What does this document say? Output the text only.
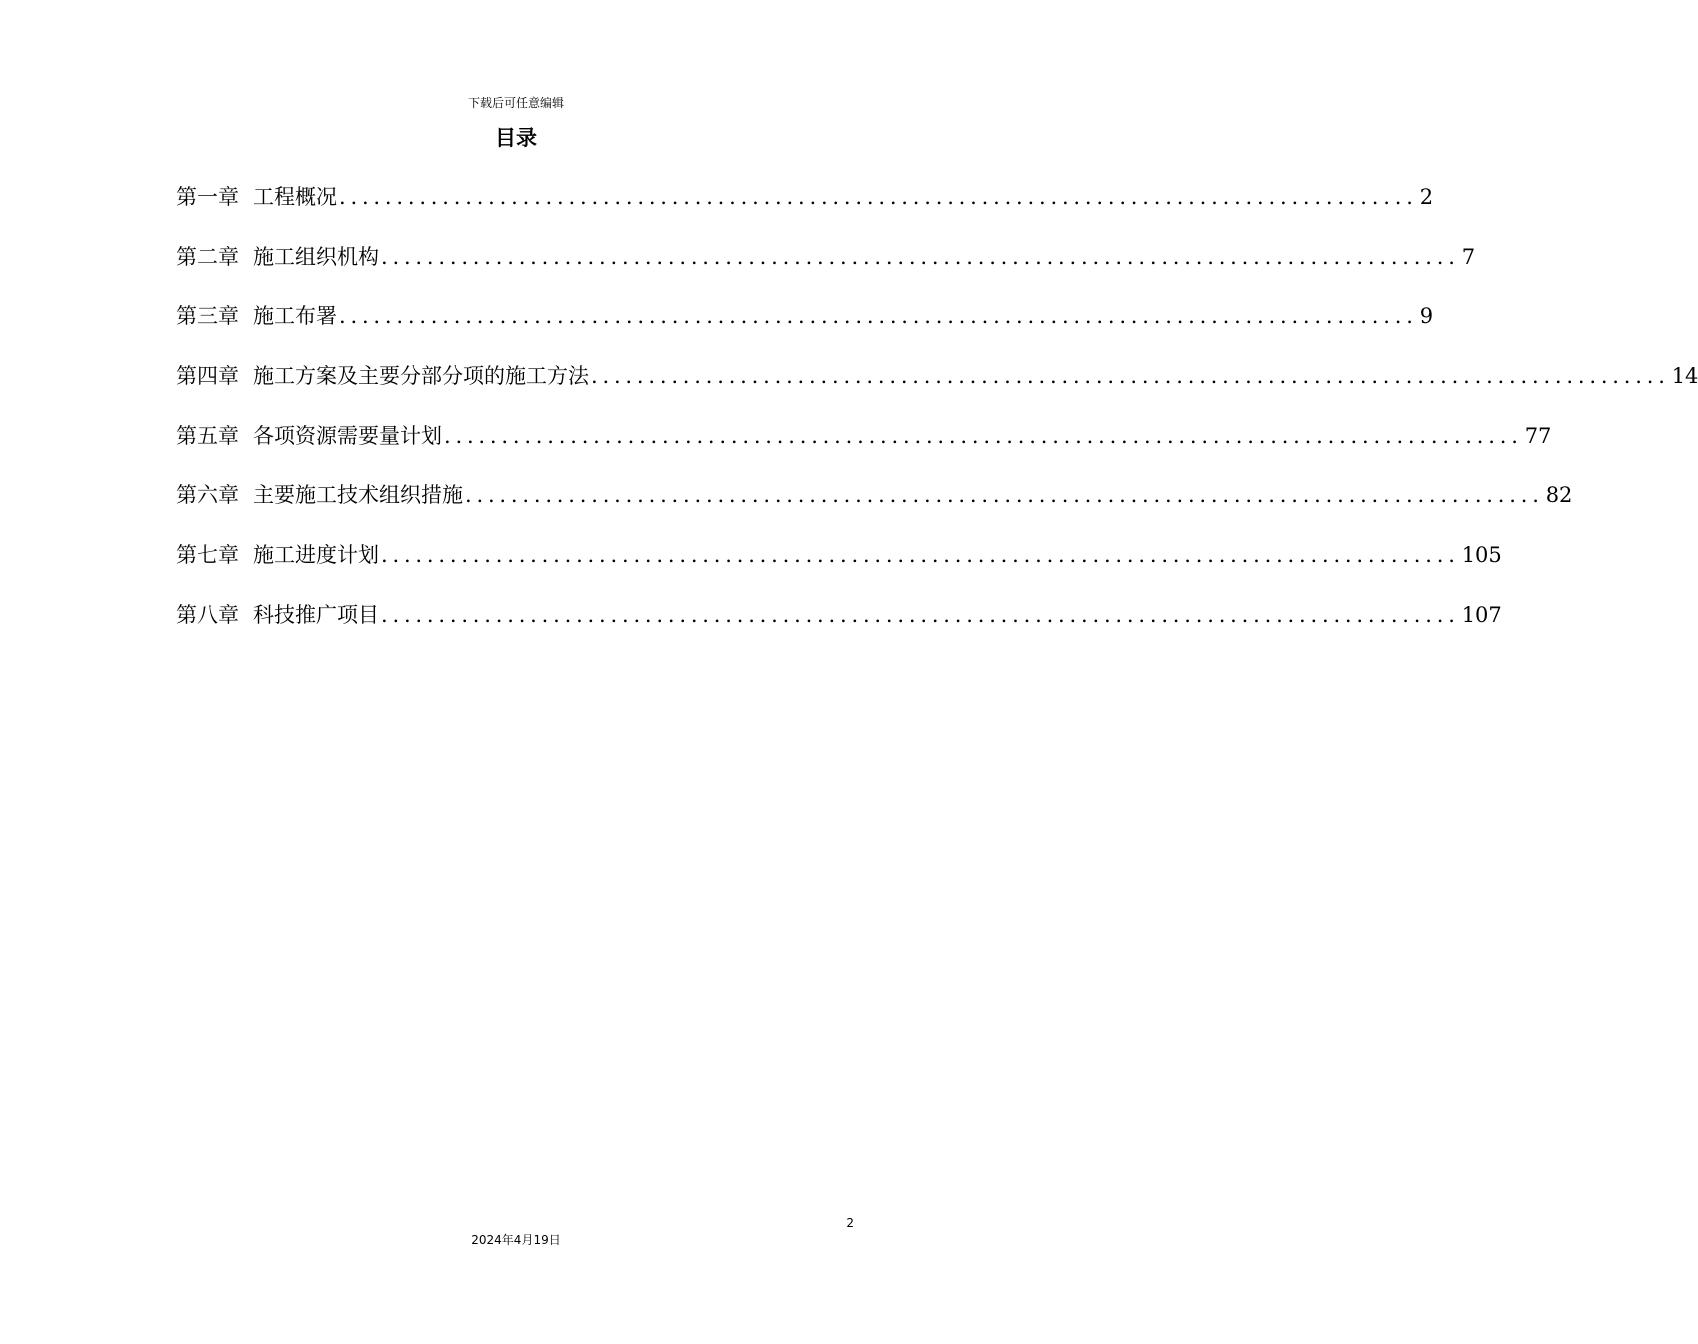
下载后可任意编辑
目录
第一章 工程概况 .............................................................................................. 2
第二章 施工组织机构 .............................................................................................. 7
第三章 施工布署 .............................................................................................. 9
第四章 施工方案及主要分部分项的施工方法 .............................................................................................. 14
第五章 各项资源需要量计划 .............................................................................................. 77
第六章 主要施工技术组织措施 .............................................................................................. 82
第七章 施工进度计划 .............................................................................................. 105
第八章 科技推广项目 .............................................................................................. 107
2
2024年4月19日
